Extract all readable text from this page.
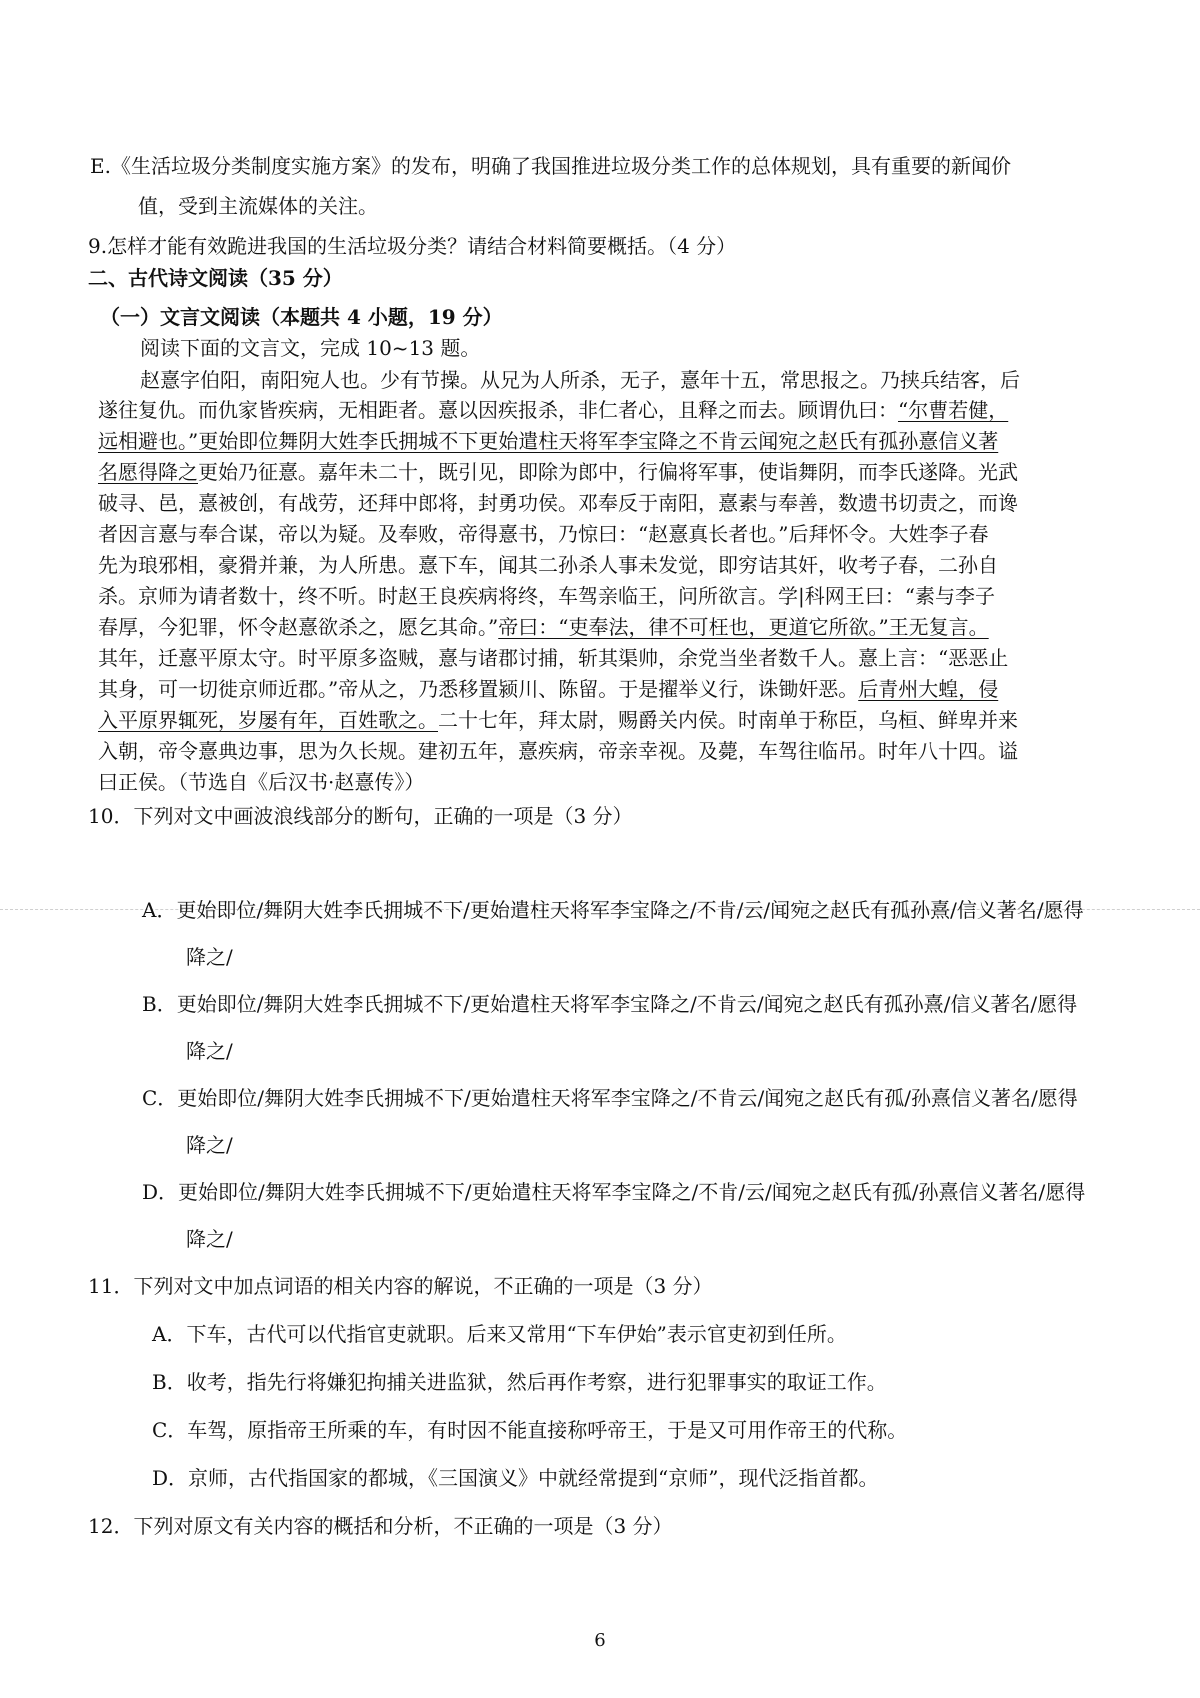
E.《生活垃圾分类制度实施方案》的发布，明确了我国推进垃圾分类工作的总体规划，具有重要的新闻价
值，受到主流媒体的关注。
9.怎样才能有效跪进我国的生活垃圾分类？请结合材料简要概括。（4 分）
二、古代诗文阅读（35 分）
（一）文言文阅读（本题共 4 小题，19 分）
阅读下面的文言文，完成 10~13 题。
赵憙字伯阳，南阳宛人也。少有节操。从兄为人所杀，无子，憙年十五，常思报之。乃挟兵结客，后
遂往复仇。而仇家皆疾病，无相距者。憙以因疾报杀，非仁者心，且释之而去。顾谓仇曰：“尔曹若健，
远相避也。”更始即位舞阴大姓李氏拥城不下更始遣柱天将军李宝降之不肯云闻宛之赵氏有孤孙憙信义著
名愿得降之更始乃征憙。嘉年未二十，既引见，即除为郎中，行偏将军事，使诣舞阴，而李氏遂降。光武
破寻、邑，憙被创，有战劳，还拜中郎将，封勇功侯。邓奉反于南阳，憙素与奉善，数遗书切责之，而谗
者因言憙与奉合谋，帝以为疑。及奉败，帝得憙书，乃惊曰：“赵憙真长者也。”后拜怀令。大姓李子春
先为琅邪相，豪猾并兼，为人所患。憙下车，闻其二孙杀人事未发觉，即穷诘其奸，收考子春，二孙自
杀。京师为请者数十，终不听。时赵王良疾病将终，车驾亲临王，问所欲言。学|科网王曰：“素与李子
春厚，今犯罪，怀令赵憙欲杀之，愿乞其命。”帝曰：“吏奉法，律不可枉也，更道它所欲。”王无复言。
其年，迁憙平原太守。时平原多盗贼，憙与诸郡讨捕，斩其渠帅，余党当坐者数千人。憙上言：“恶恶止
其身，可一切徙京师近郡。”帝从之，乃悉移置颍川、陈留。于是擢举义行，诛锄奸恶。后青州大蝗，侵
入平原界辄死，岁屡有年，百姓歌之。二十七年，拜太尉，赐爵关内侯。时南单于称臣，乌桓、鲜卑并来
入朝，帝令憙典边事，思为久长规。建初五年，憙疾病，帝亲幸视。及薨，车驾往临吊。时年八十四。谥
曰正侯。（节选自《后汉书·赵憙传》）
10．下列对文中画波浪线部分的断句，正确的一项是（3 分）
A．更始即位/舞阴大姓李氏拥城不下/更始遣柱天将军李宝降之/不肯/云/闻宛之赵氏有孤孙熹/信义著名/愿得
降之/
B．更始即位/舞阴大姓李氏拥城不下/更始遣柱天将军李宝降之/不肯云/闻宛之赵氏有孤孙熹/信义著名/愿得
降之/
C．更始即位/舞阴大姓李氏拥城不下/更始遣柱天将军李宝降之/不肯云/闻宛之赵氏有孤/孙熹信义著名/愿得
降之/
D．更始即位/舞阴大姓李氏拥城不下/更始遣柱天将军李宝降之/不肯/云/闻宛之赵氏有孤/孙熹信义著名/愿得
降之/
11．下列对文中加点词语的相关内容的解说，不正确的一项是（3 分）
A．下车，古代可以代指官吏就职。后来又常用“下车伊始”表示官吏初到任所。
B．收考，指先行将嫌犯拘捕关进监狱，然后再作考察，进行犯罪事实的取证工作。
C．车驾，原指帝王所乘的车，有时因不能直接称呼帝王，于是又可用作帝王的代称。
D．京师，古代指国家的都城，《三国演义》中就经常提到“京师”，现代泛指首都。
12．下列对原文有关内容的概括和分析，不正确的一项是（3 分）
6
